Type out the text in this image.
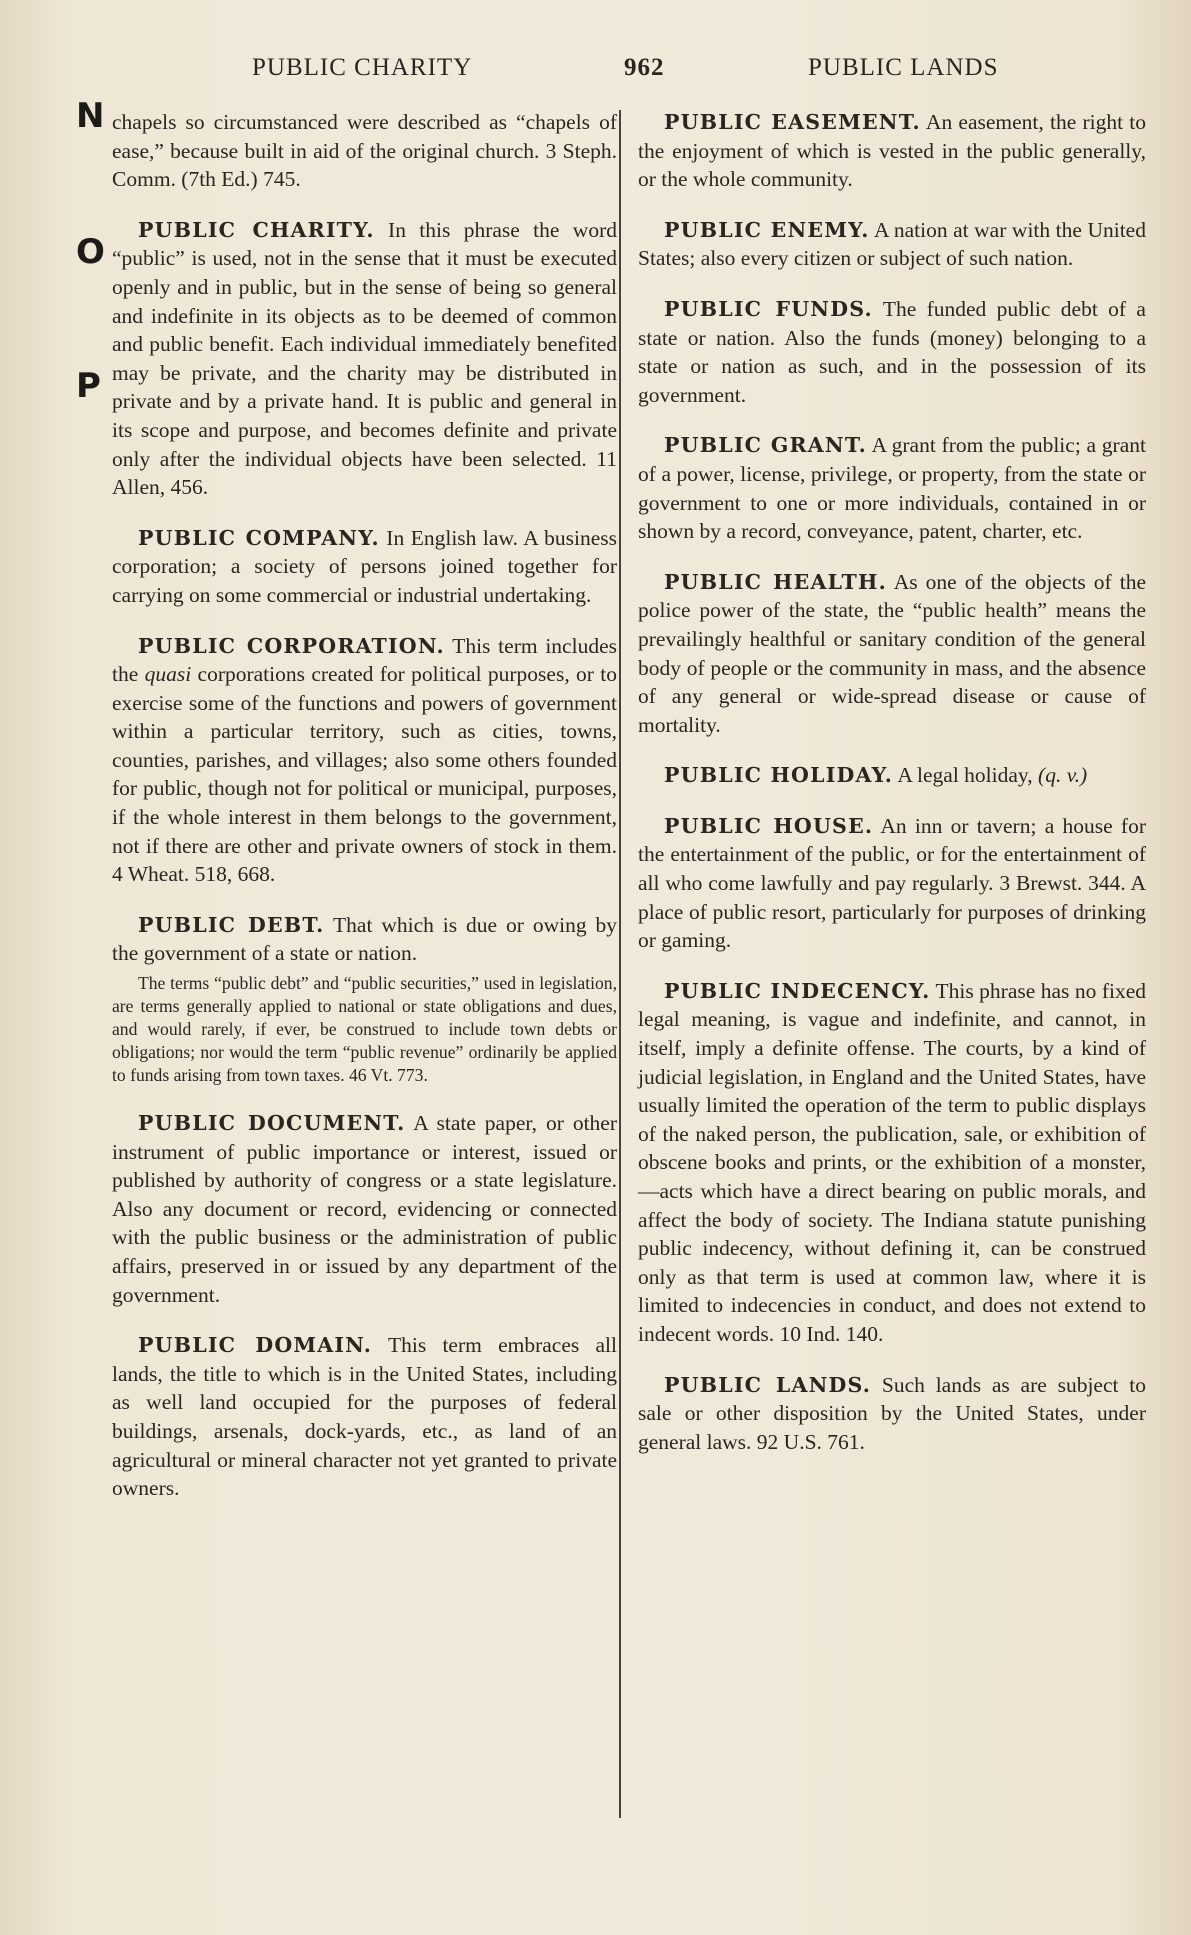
PUBLIC CHARITY	962	PUBLIC LANDS
N
O
P

chapels so circumstanced were described as “chapels of ease,” because built in aid of the original church. 3 Steph. Comm. (7th Ed.) 745.

PUBLIC CHARITY. In this phrase the word “public” is used, not in the sense that it must be executed openly and in public, but in the sense of being so general and indefinite in its objects as to be deemed of common and public benefit. Each individual immediately benefited may be private, and the charity may be distributed in private and by a private hand. It is public and general in its scope and purpose, and becomes definite and private only after the individual objects have been selected. 11 Allen, 456.

PUBLIC COMPANY. In English law. A business corporation; a society of persons joined together for carrying on some commercial or industrial undertaking.

PUBLIC CORPORATION. This term includes the quasi corporations created for political purposes, or to exercise some of the functions and powers of government within a particular territory, such as cities, towns, counties, parishes, and villages; also some others founded for public, though not for political or municipal, purposes, if the whole interest in them belongs to the government, not if there are other and private owners of stock in them. 4 Wheat. 518, 668.

PUBLIC DEBT. That which is due or owing by the government of a state or nation.

The terms “public debt” and “public securities,” used in legislation, are terms generally applied to national or state obligations and dues, and would rarely, if ever, be construed to include town debts or obligations; nor would the term “public revenue” ordinarily be applied to funds arising from town taxes. 46 Vt. 773.

PUBLIC DOCUMENT. A state paper, or other instrument of public importance or interest, issued or published by authority of congress or a state legislature. Also any document or record, evidencing or connected with the public business or the administration of public affairs, preserved in or issued by any department of the government.

PUBLIC DOMAIN. This term embraces all lands, the title to which is in the United States, including as well land occupied for the purposes of federal buildings, arsenals, dock-yards, etc., as land of an agricultural or mineral character not yet granted to private owners.

PUBLIC EASEMENT. An easement, the right to the enjoyment of which is vested in the public generally, or the whole community.

PUBLIC ENEMY. A nation at war with the United States; also every citizen or subject of such nation.

PUBLIC FUNDS. The funded public debt of a state or nation. Also the funds (money) belonging to a state or nation as such, and in the possession of its government.

PUBLIC GRANT. A grant from the public; a grant of a power, license, privilege, or property, from the state or government to one or more individuals, contained in or shown by a record, conveyance, patent, charter, etc.

PUBLIC HEALTH. As one of the objects of the police power of the state, the “public health” means the prevailingly healthful or sanitary condition of the general body of people or the community in mass, and the absence of any general or wide-spread disease or cause of mortality.

PUBLIC HOLIDAY. A legal holiday, (q. v.)

PUBLIC HOUSE. An inn or tavern; a house for the entertainment of the public, or for the entertainment of all who come lawfully and pay regularly. 3 Brewst. 344. A place of public resort, particularly for purposes of drinking or gaming.

PUBLIC INDECENCY. This phrase has no fixed legal meaning, is vague and indefinite, and cannot, in itself, imply a definite offense. The courts, by a kind of judicial legislation, in England and the United States, have usually limited the operation of the term to public displays of the naked person, the publication, sale, or exhibition of obscene books and prints, or the exhibition of a monster,—acts which have a direct bearing on public morals, and affect the body of society. The Indiana statute punishing public indecency, without defining it, can be construed only as that term is used at common law, where it is limited to indecencies in conduct, and does not extend to indecent words. 10 Ind. 140.

PUBLIC LANDS. Such lands as are subject to sale or other disposition by the United States, under general laws. 92 U.S. 761.
